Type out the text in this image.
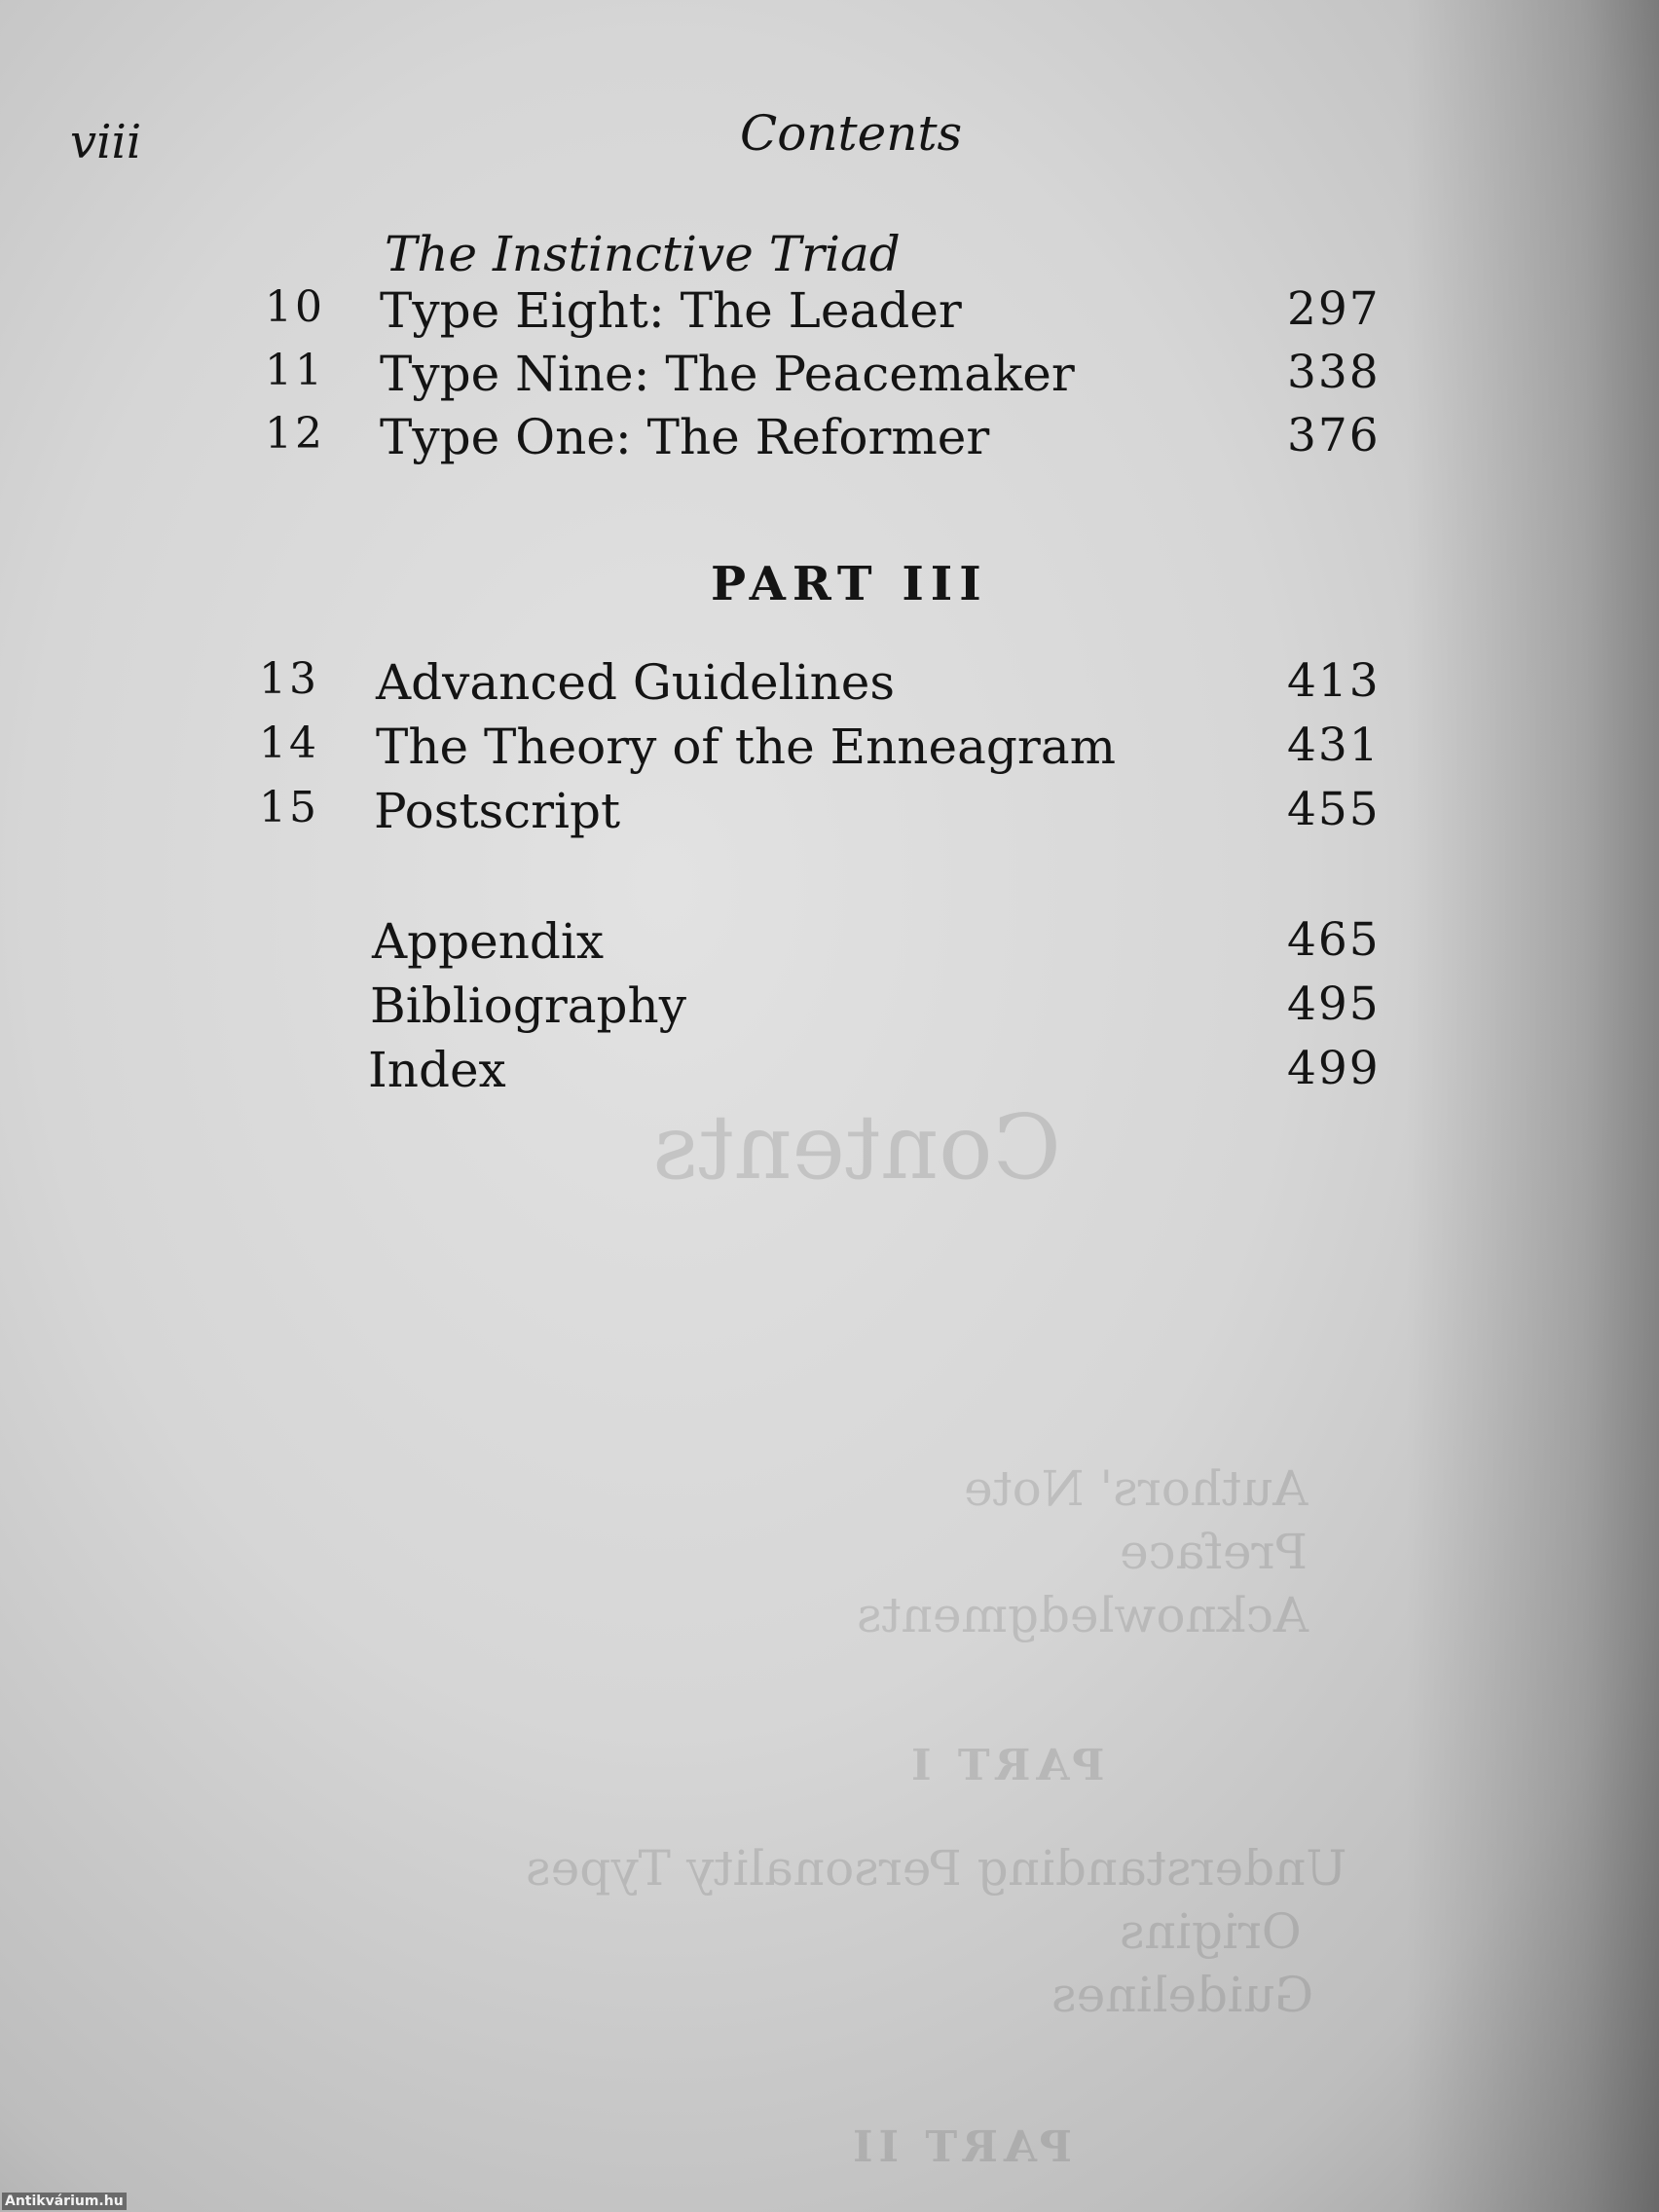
viii	Contents
The Instinctive Triad
10 Type Eight: The Leader	297
11 Type Nine: The Peacemaker	338
12 Type One: The Reformer	376
PART III
13 Advanced Guidelines	413
14 The Theory of the Enneagram	431
15 Postscript	455
Appendix	465
Bibliography	495
Index	499
Contents
Authors' Note
Preface
Acknowledgments
PART I
Understanding Personality Types
Origins
Guidelines
PART II
Antikvárium.hu
